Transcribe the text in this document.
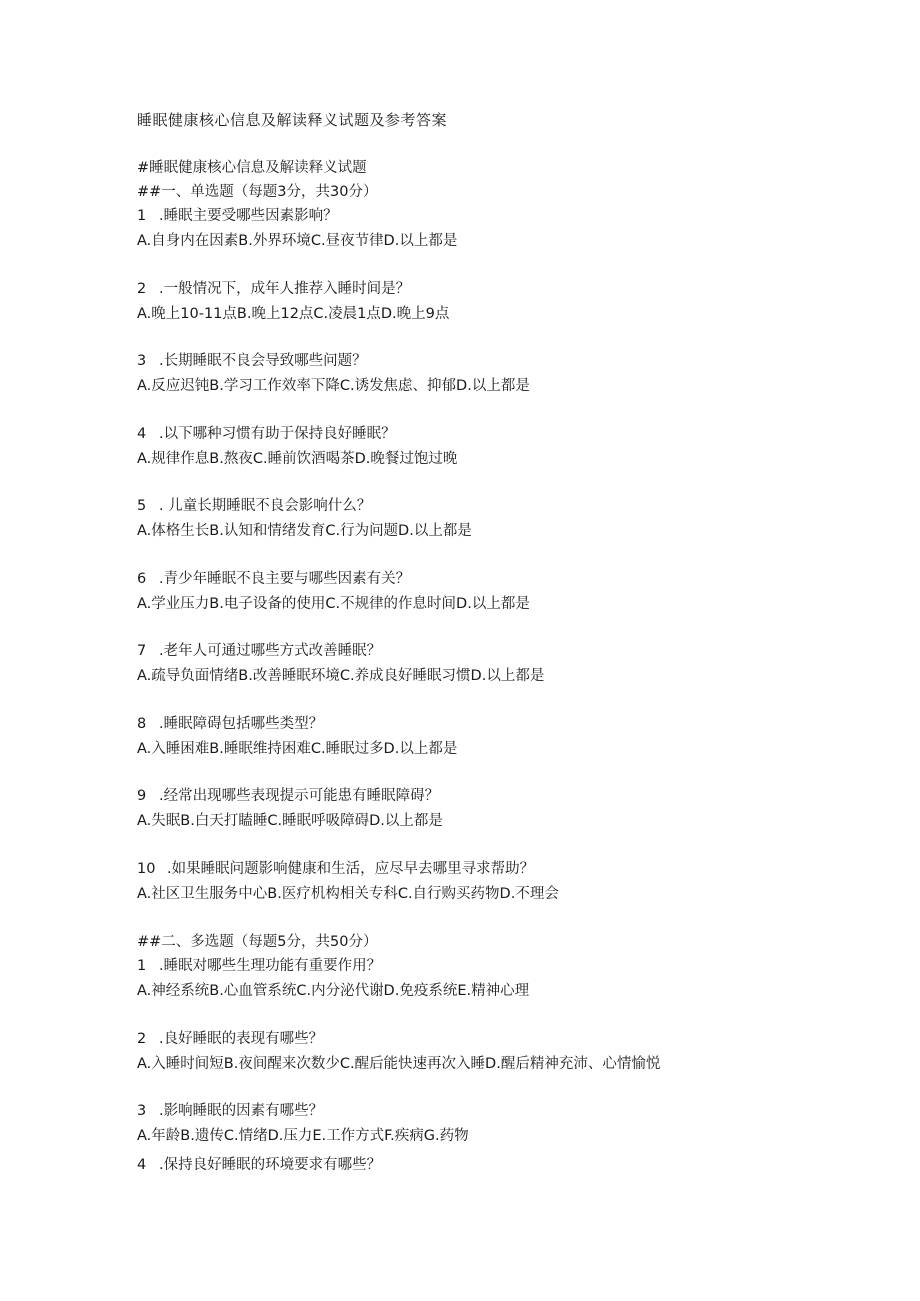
睡眠健康核心信息及解读释义试题及参考答案
#睡眠健康核心信息及解读释义试题
##一、单选题（每题3分，共30分）
1 .睡眠主要受哪些因素影响？
A.自身内在因素B.外界环境C.昼夜节律D.以上都是
2 .一般情况下，成年人推荐入睡时间是？
A.晚上10-11点B.晚上12点C.凌晨1点D.晚上9点
3 .长期睡眠不良会导致哪些问题？
A.反应迟钝B.学习工作效率下降C.诱发焦虑、抑郁D.以上都是
4 .以下哪种习惯有助于保持良好睡眠？
A.规律作息B.熬夜C.睡前饮酒喝茶D.晚餐过饱过晚
5 . 儿童长期睡眠不良会影响什么？
A.体格生长B.认知和情绪发育C.行为问题D.以上都是
6 .青少年睡眠不良主要与哪些因素有关？
A.学业压力B.电子设备的使用C.不规律的作息时间D.以上都是
7 .老年人可通过哪些方式改善睡眠？
A.疏导负面情绪B.改善睡眠环境C.养成良好睡眠习惯D.以上都是
8 .睡眠障碍包括哪些类型？
A.入睡困难B.睡眠维持困难C.睡眠过多D.以上都是
9 .经常出现哪些表现提示可能患有睡眠障碍？
A.失眠B.白天打瞌睡C.睡眠呼吸障碍D.以上都是
10 .如果睡眠问题影响健康和生活，应尽早去哪里寻求帮助？
A.社区卫生服务中心B.医疗机构相关专科C.自行购买药物D.不理会
##二、多选题（每题5分，共50分）
1 .睡眠对哪些生理功能有重要作用？
A.神经系统B.心血管系统C.内分泌代谢D.免疫系统E.精神心理
2 .良好睡眠的表现有哪些？
A.入睡时间短B.夜间醒来次数少C.醒后能快速再次入睡D.醒后精神充沛、心情愉悦
3 .影响睡眠的因素有哪些？
A.年龄B.遗传C.情绪D.压力E.工作方式F.疾病G.药物
4 .保持良好睡眠的环境要求有哪些？
